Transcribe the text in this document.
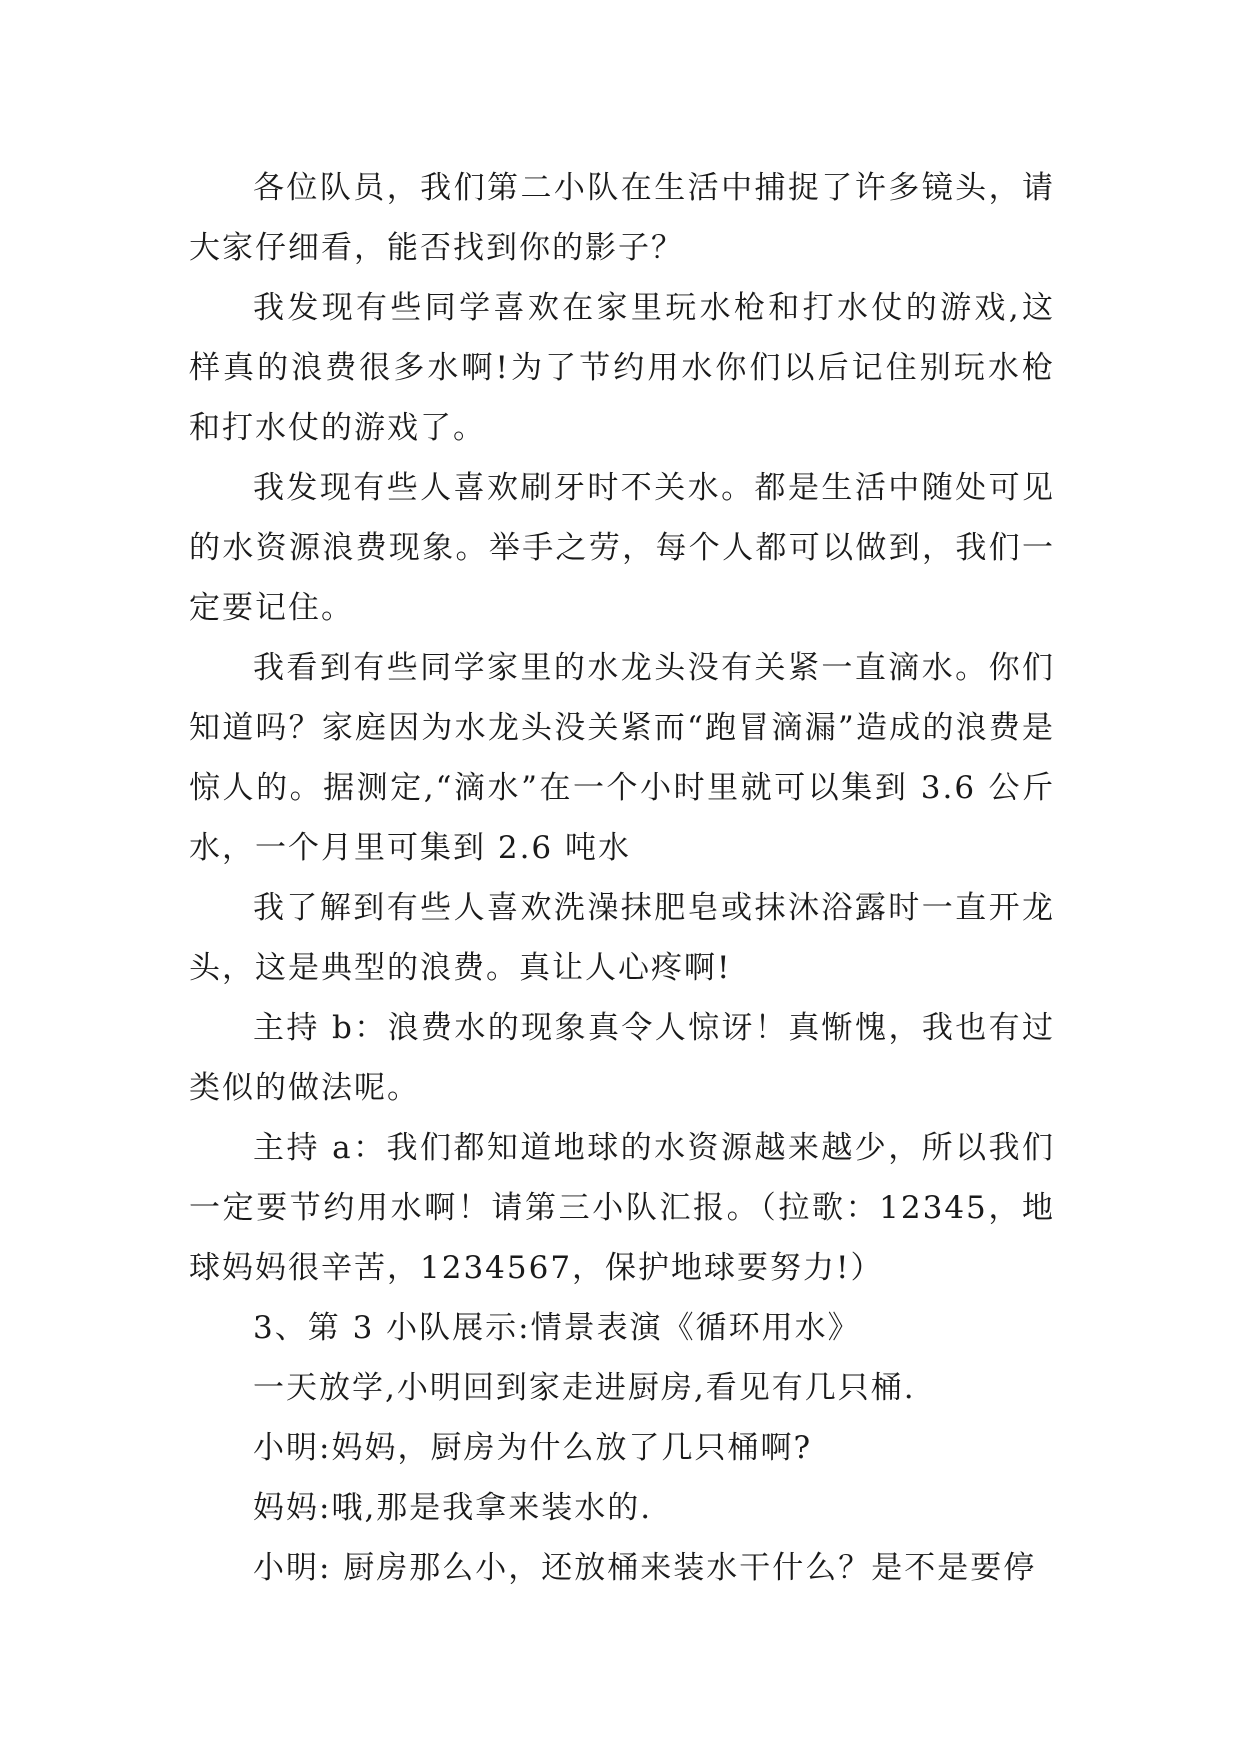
各位队员，我们第二小队在生活中捕捉了许多镜头，请大家仔细看，能否找到你的影子？

我发现有些同学喜欢在家里玩水枪和打水仗的游戏,这样真的浪费很多水啊!为了节约用水你们以后记住别玩水枪和打水仗的游戏了。

我发现有些人喜欢刷牙时不关水。都是生活中随处可见的水资源浪费现象。举手之劳，每个人都可以做到，我们一定要记住。

我看到有些同学家里的水龙头没有关紧一直滴水。你们知道吗？家庭因为水龙头没关紧而“跑冒滴漏”造成的浪费是惊人的。据测定,“滴水”在一个小时里就可以集到 3.6 公斤水，一个月里可集到 2.6 吨水

我了解到有些人喜欢洗澡抹肥皂或抹沐浴露时一直开龙头，这是典型的浪费。真让人心疼啊!

主持 b：浪费水的现象真令人惊讶！真惭愧，我也有过类似的做法呢。

主持 a：我们都知道地球的水资源越来越少，所以我们一定要节约用水啊！请第三小队汇报。（拉歌：12345，地球妈妈很辛苦，1234567，保护地球要努力!）

3、第 3 小队展示:情景表演《循环用水》

一天放学,小明回到家走进厨房,看见有几只桶.

小明:妈妈，厨房为什么放了几只桶啊?

妈妈:哦,那是我拿来装水的.

小明: 厨房那么小，还放桶来装水干什么？是不是要停
